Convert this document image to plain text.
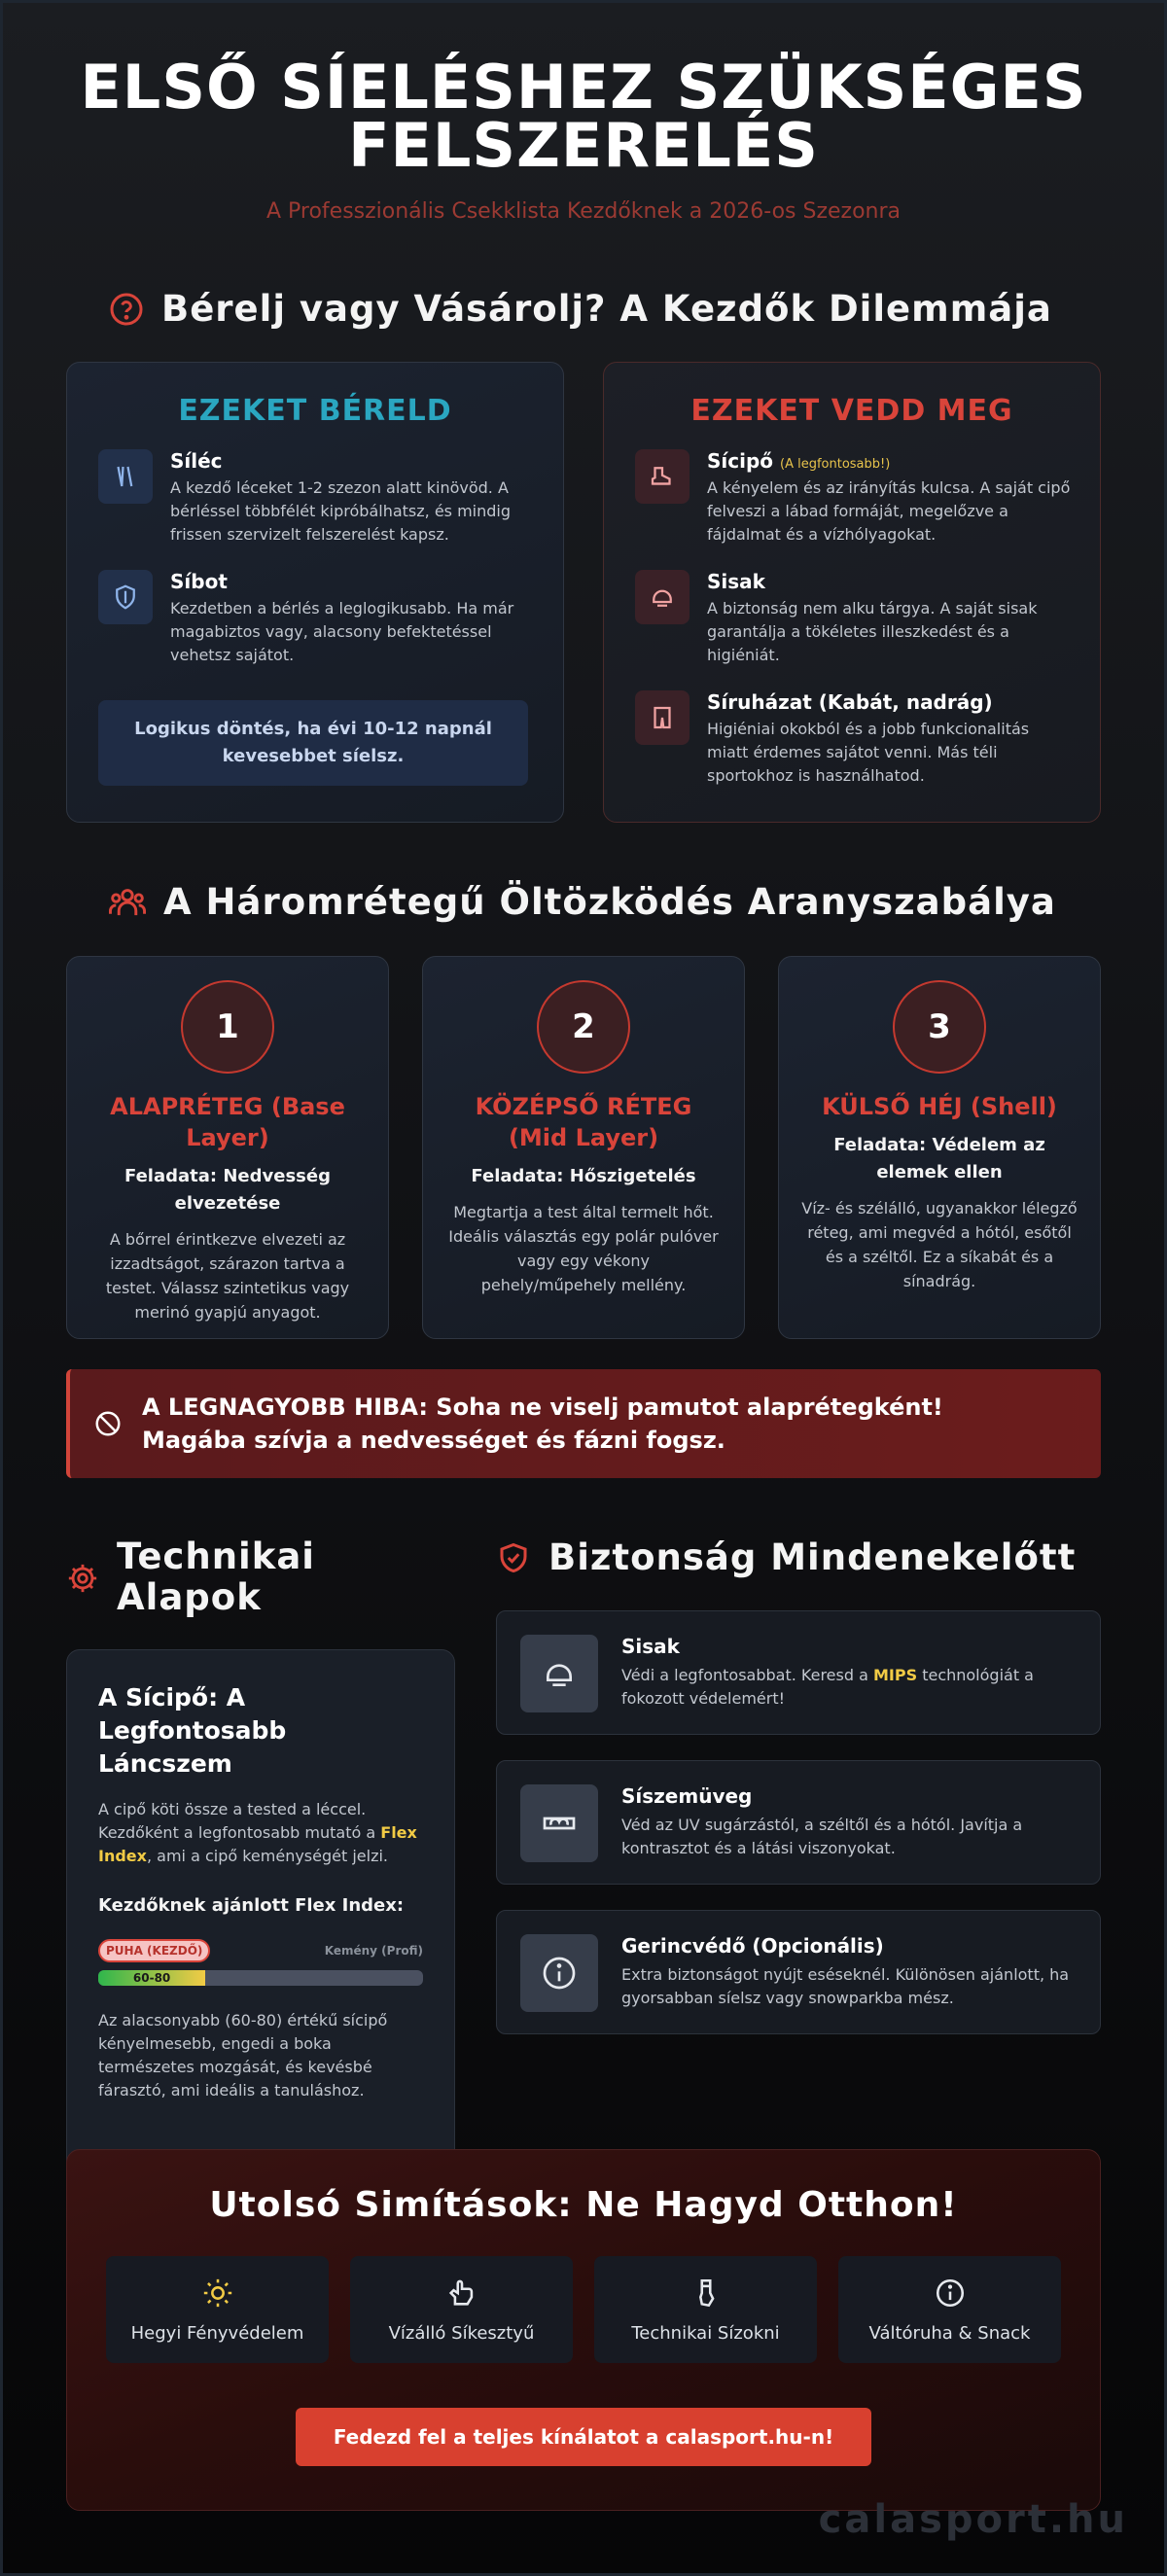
ELSŐ SÍELÉSHEZ SZÜKSÉGES
FELSZERELÉS
A Professzionális Csekklista Kezdőknek a 2026-os Szezonra
Bérelj vagy Vásárolj? A Kezdők Dilemmája
EZEKET BÉRELD
Síléc
A kezdő léceket 1-2 szezon alatt kinövöd. A bérléssel többfélét kipróbálhatsz, és mindig frissen szervizelt felszerelést kapsz.
Síbot
Kezdetben a bérlés a leglogikusabb. Ha már magabiztos vagy, alacsony befektetéssel vehetsz sajátot.
Logikus döntés, ha évi 10-12 napnál kevesebbet síelsz.
EZEKET VEDD MEG
Sícipő (A legfontosabb!)
A kényelem és az irányítás kulcsa. A saját cipő felveszi a lábad formáját, megelőzve a fájdalmat és a vízhólyagokat.
Sisak
A biztonság nem alku tárgya. A saját sisak garantálja a tökéletes illeszkedést és a higiéniát.
Síruházat (Kabát, nadrág)
Higiéniai okokból és a jobb funkcionalitás miatt érdemes sajátot venni. Más téli sportokhoz is használhatod.
A Háromrétegű Öltözködés Aranyszabálya
1
ALAPRÉTEG (Base Layer)
Feladata: Nedvesség elvezetése
A bőrrel érintkezve elvezeti az izzadtságot, szárazon tartva a testet. Válassz szintetikus vagy merinó gyapjú anyagot.
2
KÖZÉPSŐ RÉTEG (Mid Layer)
Feladata: Hőszigetelés
Megtartja a test által termelt hőt. Ideális választás egy polár pulóver vagy egy vékony pehely/műpehely mellény.
3
KÜLSŐ HÉJ (Shell)
Feladata: Védelem az elemek ellen
Víz- és szélálló, ugyanakkor lélegző réteg, ami megvéd a hótól, esőtől és a széltől. Ez a síkabát és a sínadrág.
A LEGNAGYOBB HIBA: Soha ne viselj pamutot alaprétegként!
Magába szívja a nedvességet és fázni fogsz.
Technikai
Alapok
A Sícipő: A Legfontosabb Láncszem
A cipő köti össze a tested a léccel. Kezdőként a legfontosabb mutató a Flex Index, ami a cipő keménységét jelzi.
Kezdőknek ajánlott Flex Index:
PUHA (KEZDŐ)	Kemény (Profi)
60-80
Az alacsonyabb (60-80) értékű sícipő kényelmesebb, engedi a boka természetes mozgását, és kevésbé fárasztó, ami ideális a tanuláshoz.
Biztonság Mindenekelőtt
Sisak
Védi a legfontosabbat. Keresd a MIPS technológiát a fokozott védelemért!
Síszemüveg
Véd az UV sugárzástól, a széltől és a hótól. Javítja a kontrasztot és a látási viszonyokat.
Gerincvédő (Opcionális)
Extra biztonságot nyújt eséseknél. Különösen ajánlott, ha gyorsabban síelsz vagy snowparkba mész.
Utolsó Simítások: Ne Hagyd Otthon!
Hegyi Fényvédelem	Vízálló Síkesztyű	Technikai Sízokni	Váltóruha & Snack
Fedezd fel a teljes kínálatot a calasport.hu-n!
calasport.hu
